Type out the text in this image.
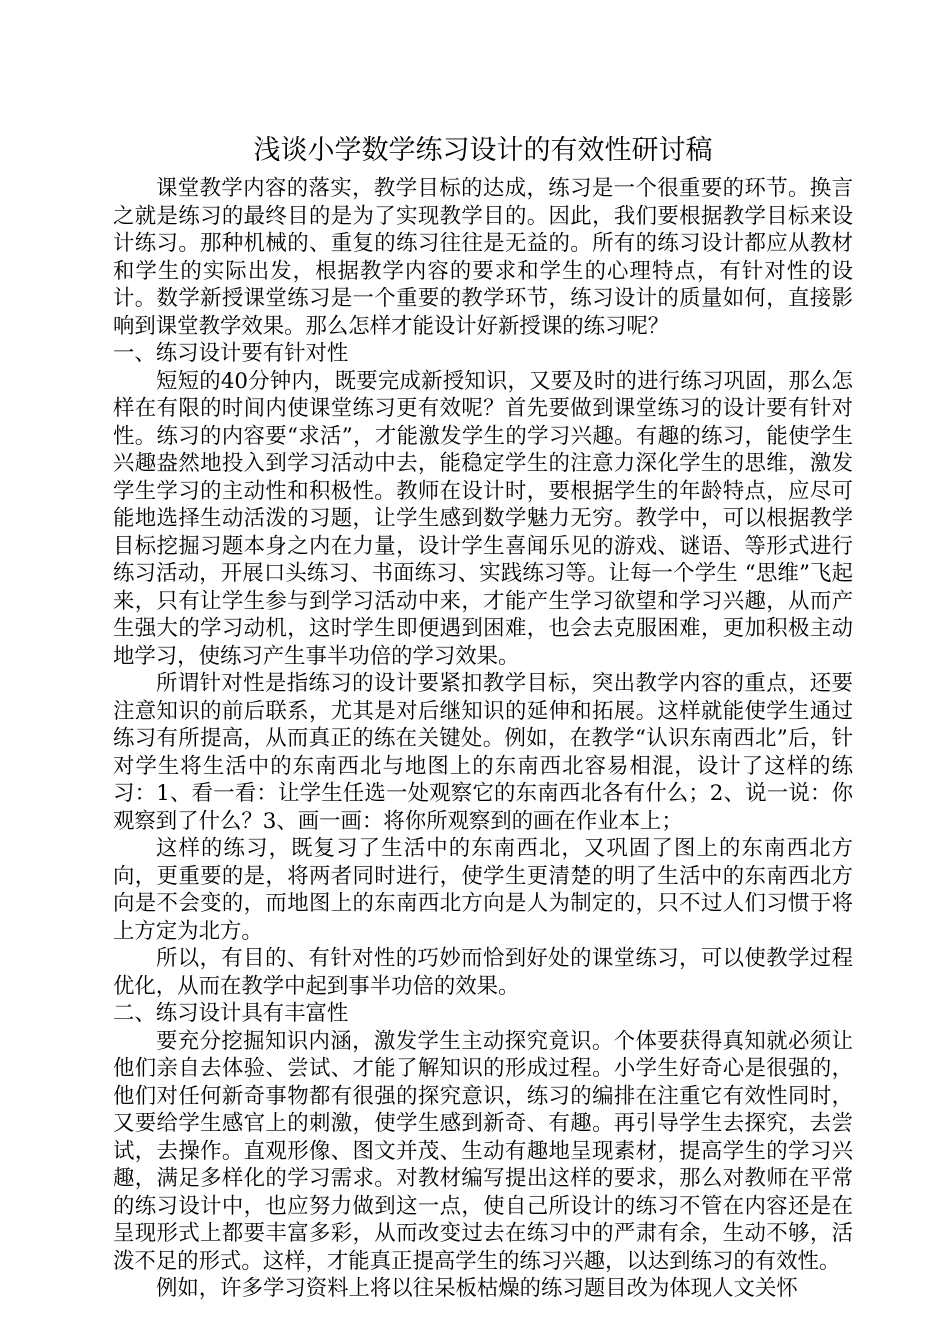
浅谈小学数学练习设计的有效性研讨稿

课堂教学内容的落实，教学目标的达成，练习是一个很重要的环节。换言之就是练习的最终目的是为了实现教学目的。因此，我们要根据教学目标来设计练习。那种机械的、重复的练习往往是无益的。所有的练习设计都应从教材和学生的实际出发，根据教学内容的要求和学生的心理特点，有针对性的设计。数学新授课堂练习是一个重要的教学环节，练习设计的质量如何，直接影响到课堂教学效果。那么怎样才能设计好新授课的练习呢？

一、练习设计要有针对性

短短的40分钟内，既要完成新授知识，又要及时的进行练习巩固，那么怎样在有限的时间内使课堂练习更有效呢？首先要做到课堂练习的设计要有针对性。练习的内容要“求活”，才能激发学生的学习兴趣。有趣的练习，能使学生兴趣盎然地投入到学习活动中去，能稳定学生的注意力深化学生的思维，激发学生学习的主动性和积极性。教师在设计时，要根据学生的年龄特点，应尽可能地选择生动活泼的习题，让学生感到数学魅力无穷。教学中，可以根据教学目标挖掘习题本身之内在力量，设计学生喜闻乐见的游戏、谜语、等形式进行练习活动，开展口头练习、书面练习、实践练习等。让每一个学生 “思维”飞起来，只有让学生参与到学习活动中来，才能产生学习欲望和学习兴趣，从而产生强大的学习动机，这时学生即便遇到困难，也会去克服困难，更加积极主动地学习，使练习产生事半功倍的学习效果。

所谓针对性是指练习的设计要紧扣教学目标，突出教学内容的重点，还要注意知识的前后联系，尤其是对后继知识的延伸和拓展。这样就能使学生通过练习有所提高，从而真正的练在关键处。例如，在教学“认识东南西北”后，针对学生将生活中的东南西北与地图上的东南西北容易相混，设计了这样的练习：1、看一看：让学生任选一处观察它的东南西北各有什么；2、说一说：你观察到了什么？3、画一画：将你所观察到的画在作业本上；

这样的练习，既复习了生活中的东南西北，又巩固了图上的东南西北方向，更重要的是，将两者同时进行，使学生更清楚的明了生活中的东南西北方向是不会变的，而地图上的东南西北方向是人为制定的，只不过人们习惯于将上方定为北方。

所以，有目的、有针对性的巧妙而恰到好处的课堂练习，可以使教学过程优化，从而在教学中起到事半功倍的效果。

二、练习设计具有丰富性

要充分挖掘知识内涵，激发学生主动探究竟识。个体要获得真知就必须让他们亲自去体验、尝试、才能了解知识的形成过程。小学生好奇心是很强的，他们对任何新奇事物都有很强的探究意识，练习的编排在注重它有效性同时，又要给学生感官上的刺激，使学生感到新奇、有趣。再引导学生去探究，去尝试，去操作。直观形像、图文并茂、生动有趣地呈现素材，提高学生的学习兴趣，满足多样化的学习需求。对教材编写提出这样的要求，那么对教师在平常的练习设计中，也应努力做到这一点，使自己所设计的练习不管在内容还是在呈现形式上都要丰富多彩，从而改变过去在练习中的严肃有余，生动不够，活泼不足的形式。这样，才能真正提高学生的练习兴趣，以达到练习的有效性。

例如，许多学习资料上将以往呆板枯燥的练习题目改为体现人文关怀
